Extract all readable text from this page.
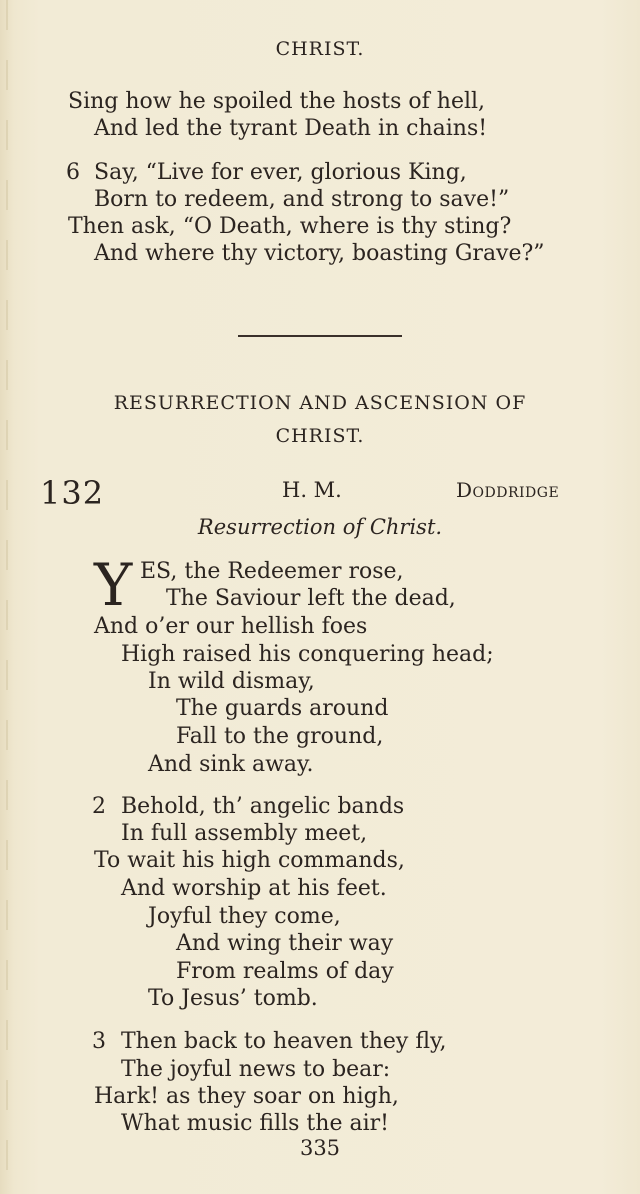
CHRIST.
Sing how he spoiled the hosts of hell,
And led the tyrant Death in chains!
6 Say, “Live for ever, glorious King,
Born to redeem, and strong to save!”
Then ask, “O Death, where is thy sting?
And where thy victory, boasting Grave?”
RESURRECTION AND ASCENSION OF
CHRIST.
132	H. M.	Doddridge
Resurrection of Christ.
Y ES, the Redeemer rose,
The Saviour left the dead,
And o’er our hellish foes
High raised his conquering head;
In wild dismay,
The guards around
Fall to the ground,
And sink away.
2 Behold, th’ angelic bands
In full assembly meet,
To wait his high commands,
And worship at his feet.
Joyful they come,
And wing their way
From realms of day
To Jesus’ tomb.
3 Then back to heaven they fly,
The joyful news to bear:
Hark! as they soar on high,
What music fills the air!
335
